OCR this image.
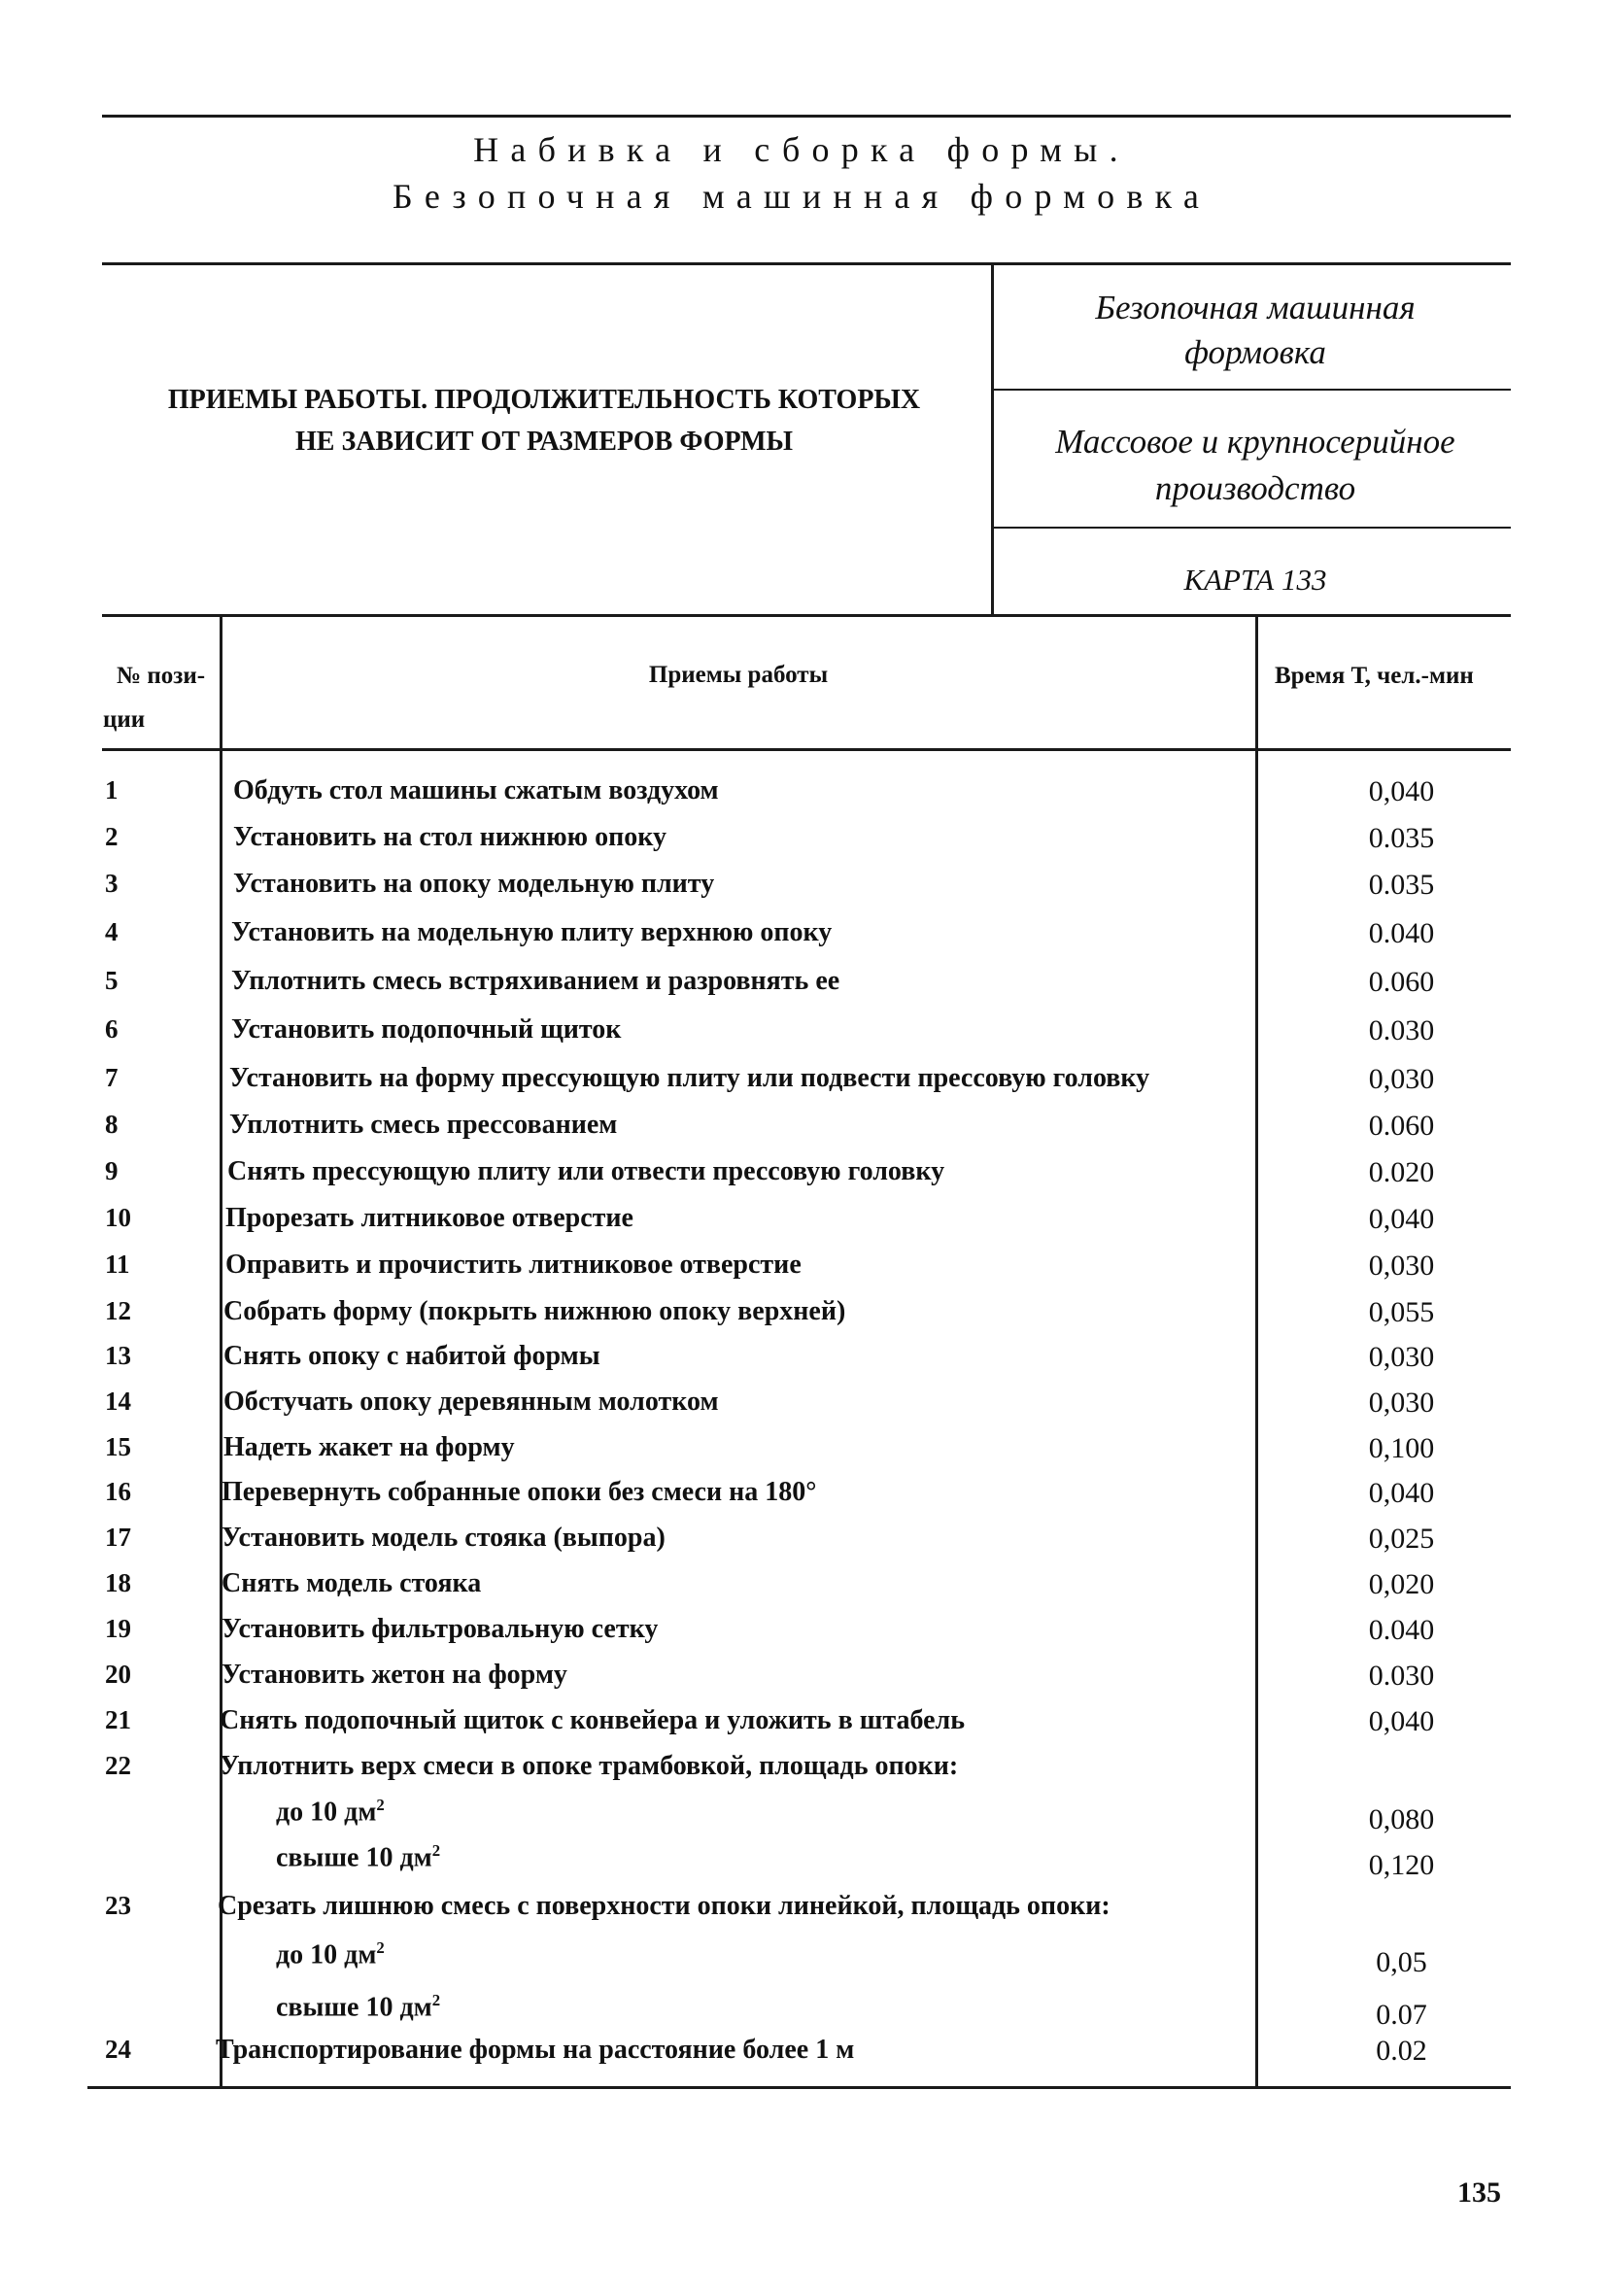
Набивка и сборка формы.
Безопочная машинная формовка
ПРИЕМЫ РАБОТЫ. ПРОДОЛЖИТЕЛЬНОСТЬ КОТОРЫХ
НЕ ЗАВИСИТ ОТ РАЗМЕРОВ ФОРМЫ
Безопочная машинная
формовка
Массовое и крупносерийное
производство
КАРТА 133
№ пози-
ции
Приемы работы	Время Т, чел.-мин
1	Обдуть стол машины сжатым воздухом	0,040
2	Установить на стол нижнюю опоку	0.035
3	Установить на опоку модельную плиту	0.035
4	Установить на модельную плиту верхнюю опоку	0.040
5	Уплотнить смесь встряхиванием и разровнять ее	0.060
6	Установить подопочный щиток	0.030
7	Установить на форму прессующую плиту или подвести прессовую головку	0,030
8	Уплотнить смесь прессованием	0.060
9	Снять прессующую плиту или отвести прессовую головку	0.020
10	Прорезать литниковое отверстие	0,040
11	Оправить и прочистить литниковое отверстие	0,030
12	Собрать форму (покрыть нижнюю опоку верхней)	0,055
13	Снять опоку с набитой формы	0,030
14	Обстучать опоку деревянным молотком	0,030
15	Надеть жакет на форму	0,100
16	Перевернуть собранные опоки без смеси на 180°	0,040
17	Установить модель стояка (выпора)	0,025
18	Снять модель стояка	0,020
19	Установить фильтровальную сетку	0.040
20	Установить жетон на форму	0.030
21	Снять подопочный щиток с конвейера и уложить в штабель	0,040
22	Уплотнить верх смеси в опоке трамбовкой, площадь опоки:
до 10 $дм^2$	0,080
свыше 10 $дм^2$	0,120
23	Срезать лишнюю смесь с поверхности опоки линейкой, площадь опоки:
до 10 $дм^2$	0,05
свыше 10 $дм^2$	0.07
24	Транспортирование формы на расстояние более 1 м	0.02
135
